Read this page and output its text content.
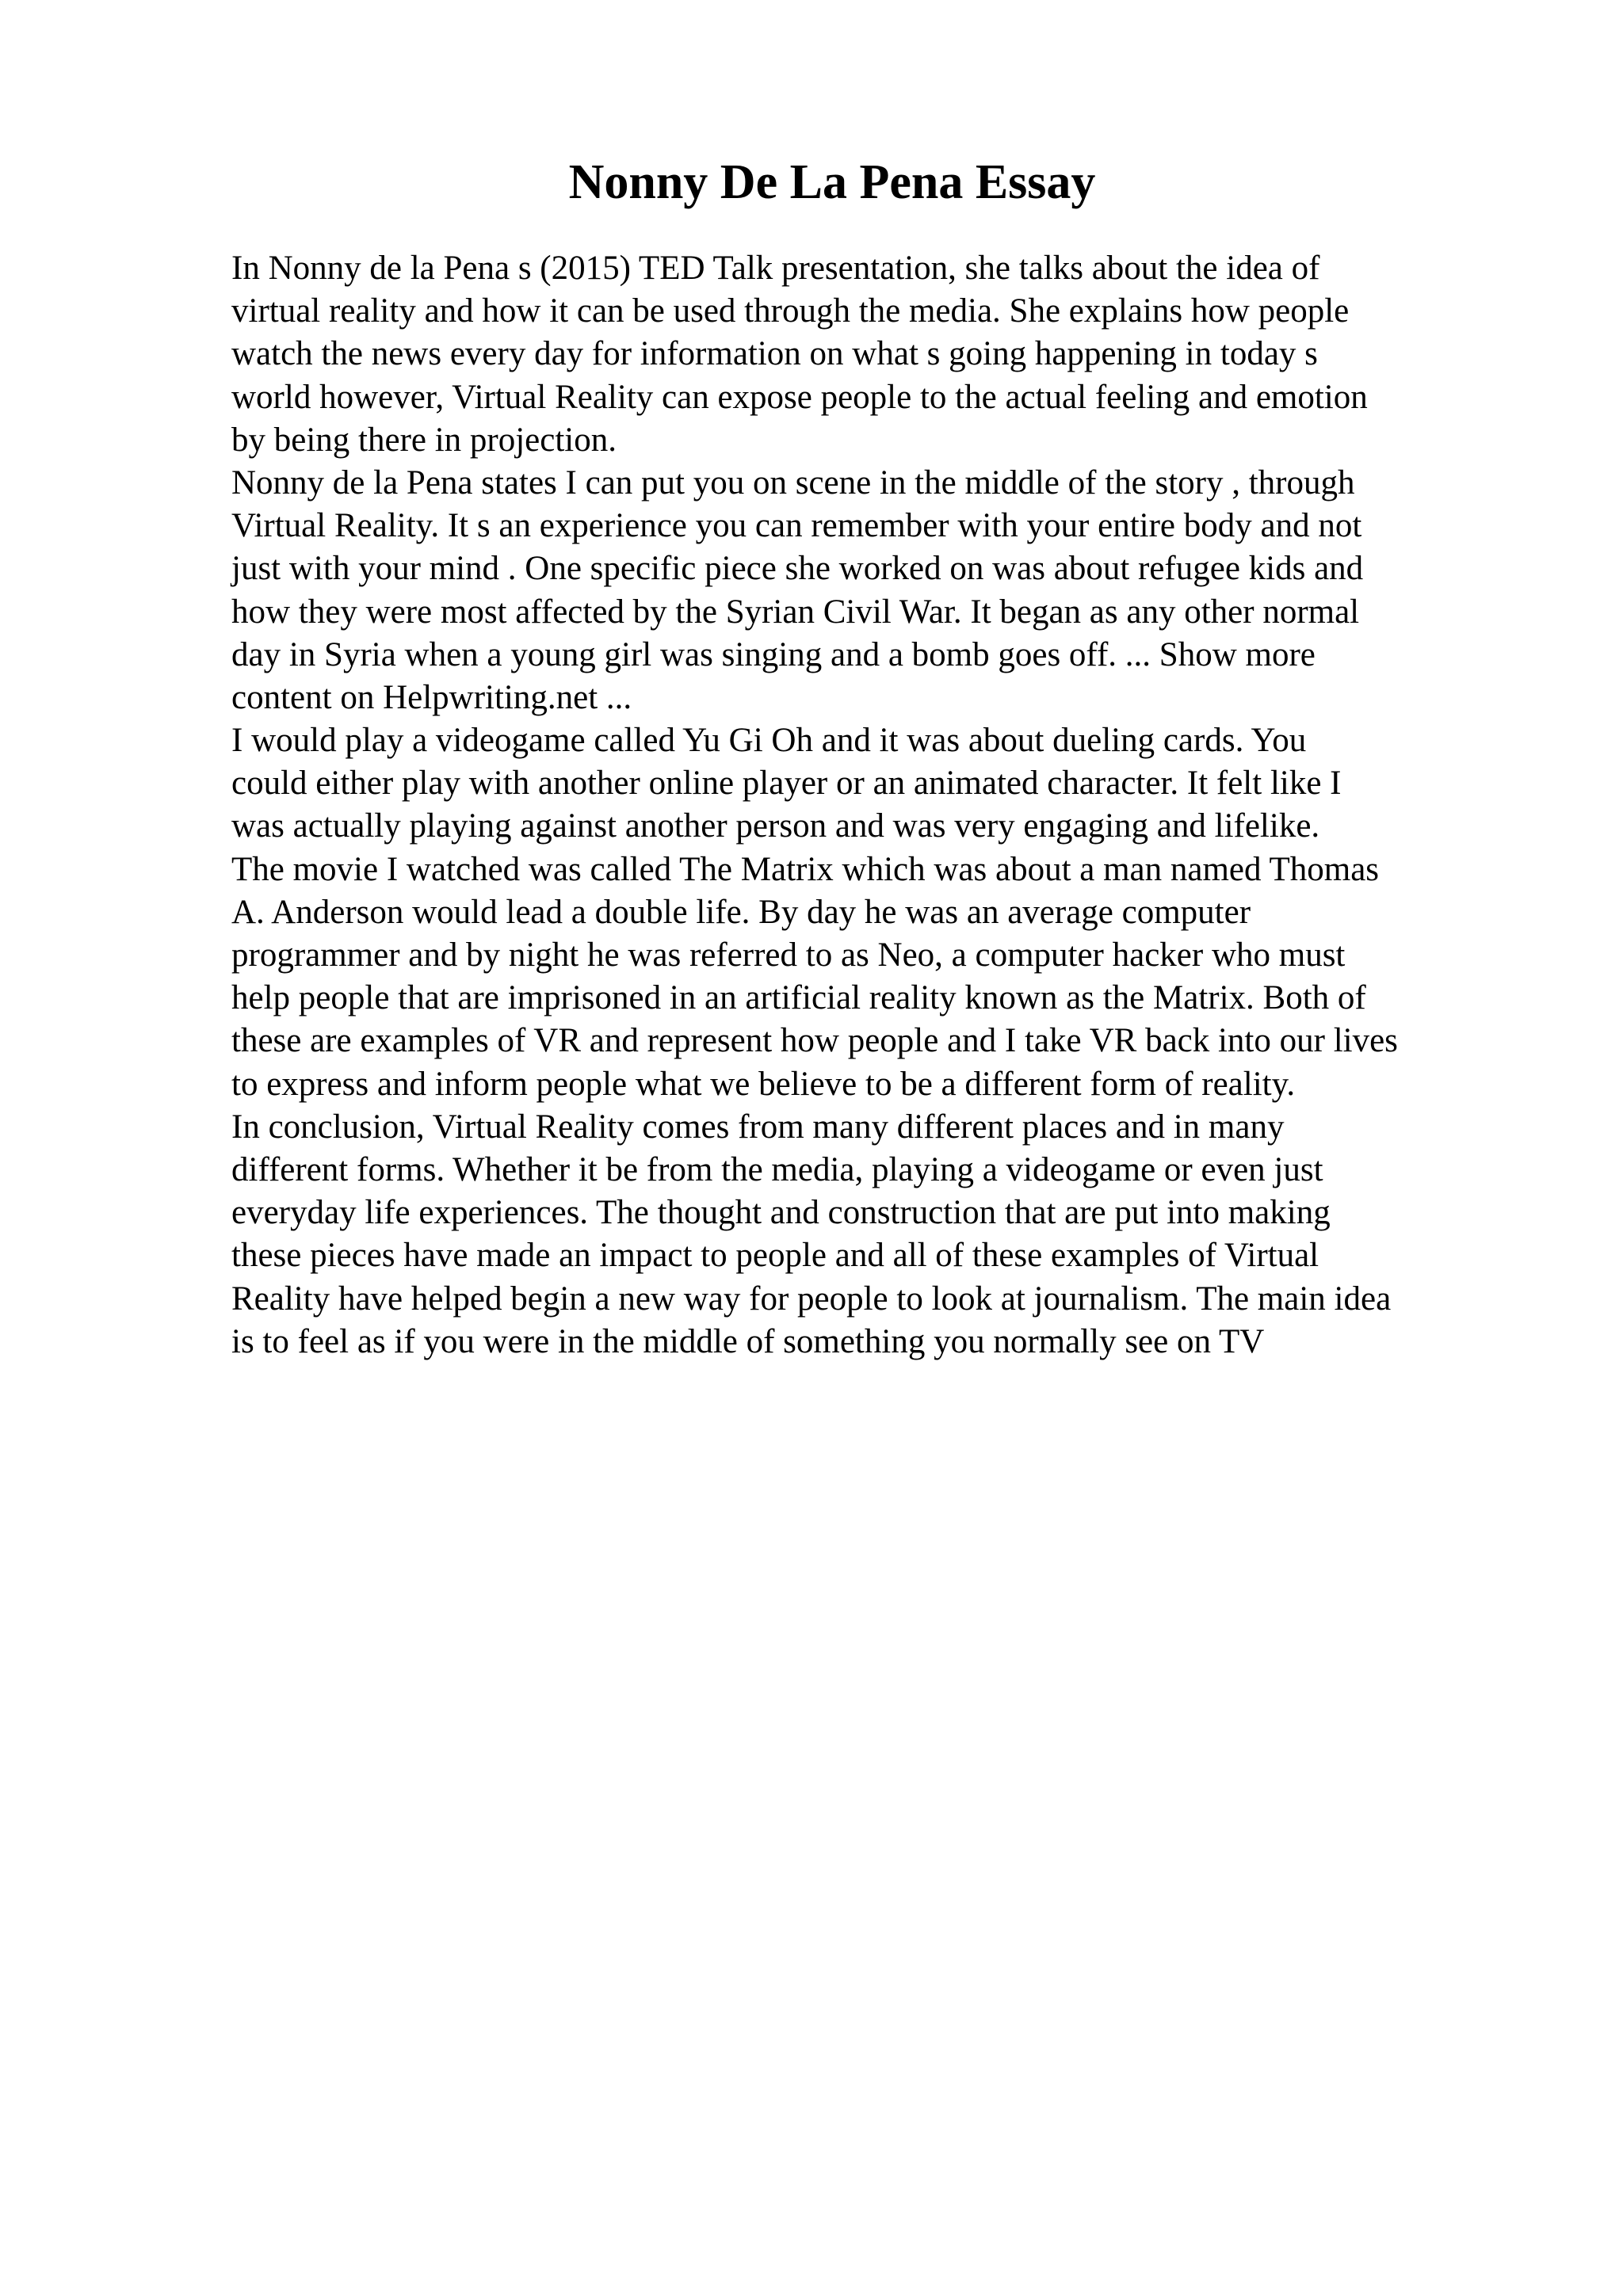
Nonny De La Pena Essay
In Nonny de la Pena s (2015) TED Talk presentation, she talks about the idea of
virtual reality and how it can be used through the media. She explains how people
watch the news every day for information on what s going happening in today s
world however, Virtual Reality can expose people to the actual feeling and emotion
by being there in projection.
Nonny de la Pena states I can put you on scene in the middle of the story , through
Virtual Reality. It s an experience you can remember with your entire body and not
just with your mind . One specific piece she worked on was about refugee kids and
how they were most affected by the Syrian Civil War. It began as any other normal
day in Syria when a young girl was singing and a bomb goes off. ... Show more
content on Helpwriting.net ...
I would play a videogame called Yu Gi Oh and it was about dueling cards. You
could either play with another online player or an animated character. It felt like I
was actually playing against another person and was very engaging and lifelike.
The movie I watched was called The Matrix which was about a man named Thomas
A. Anderson would lead a double life. By day he was an average computer
programmer and by night he was referred to as Neo, a computer hacker who must
help people that are imprisoned in an artificial reality known as the Matrix. Both of
these are examples of VR and represent how people and I take VR back into our lives
to express and inform people what we believe to be a different form of reality.
In conclusion, Virtual Reality comes from many different places and in many
different forms. Whether it be from the media, playing a videogame or even just
everyday life experiences. The thought and construction that are put into making
these pieces have made an impact to people and all of these examples of Virtual
Reality have helped begin a new way for people to look at journalism. The main idea
is to feel as if you were in the middle of something you normally see on TV
